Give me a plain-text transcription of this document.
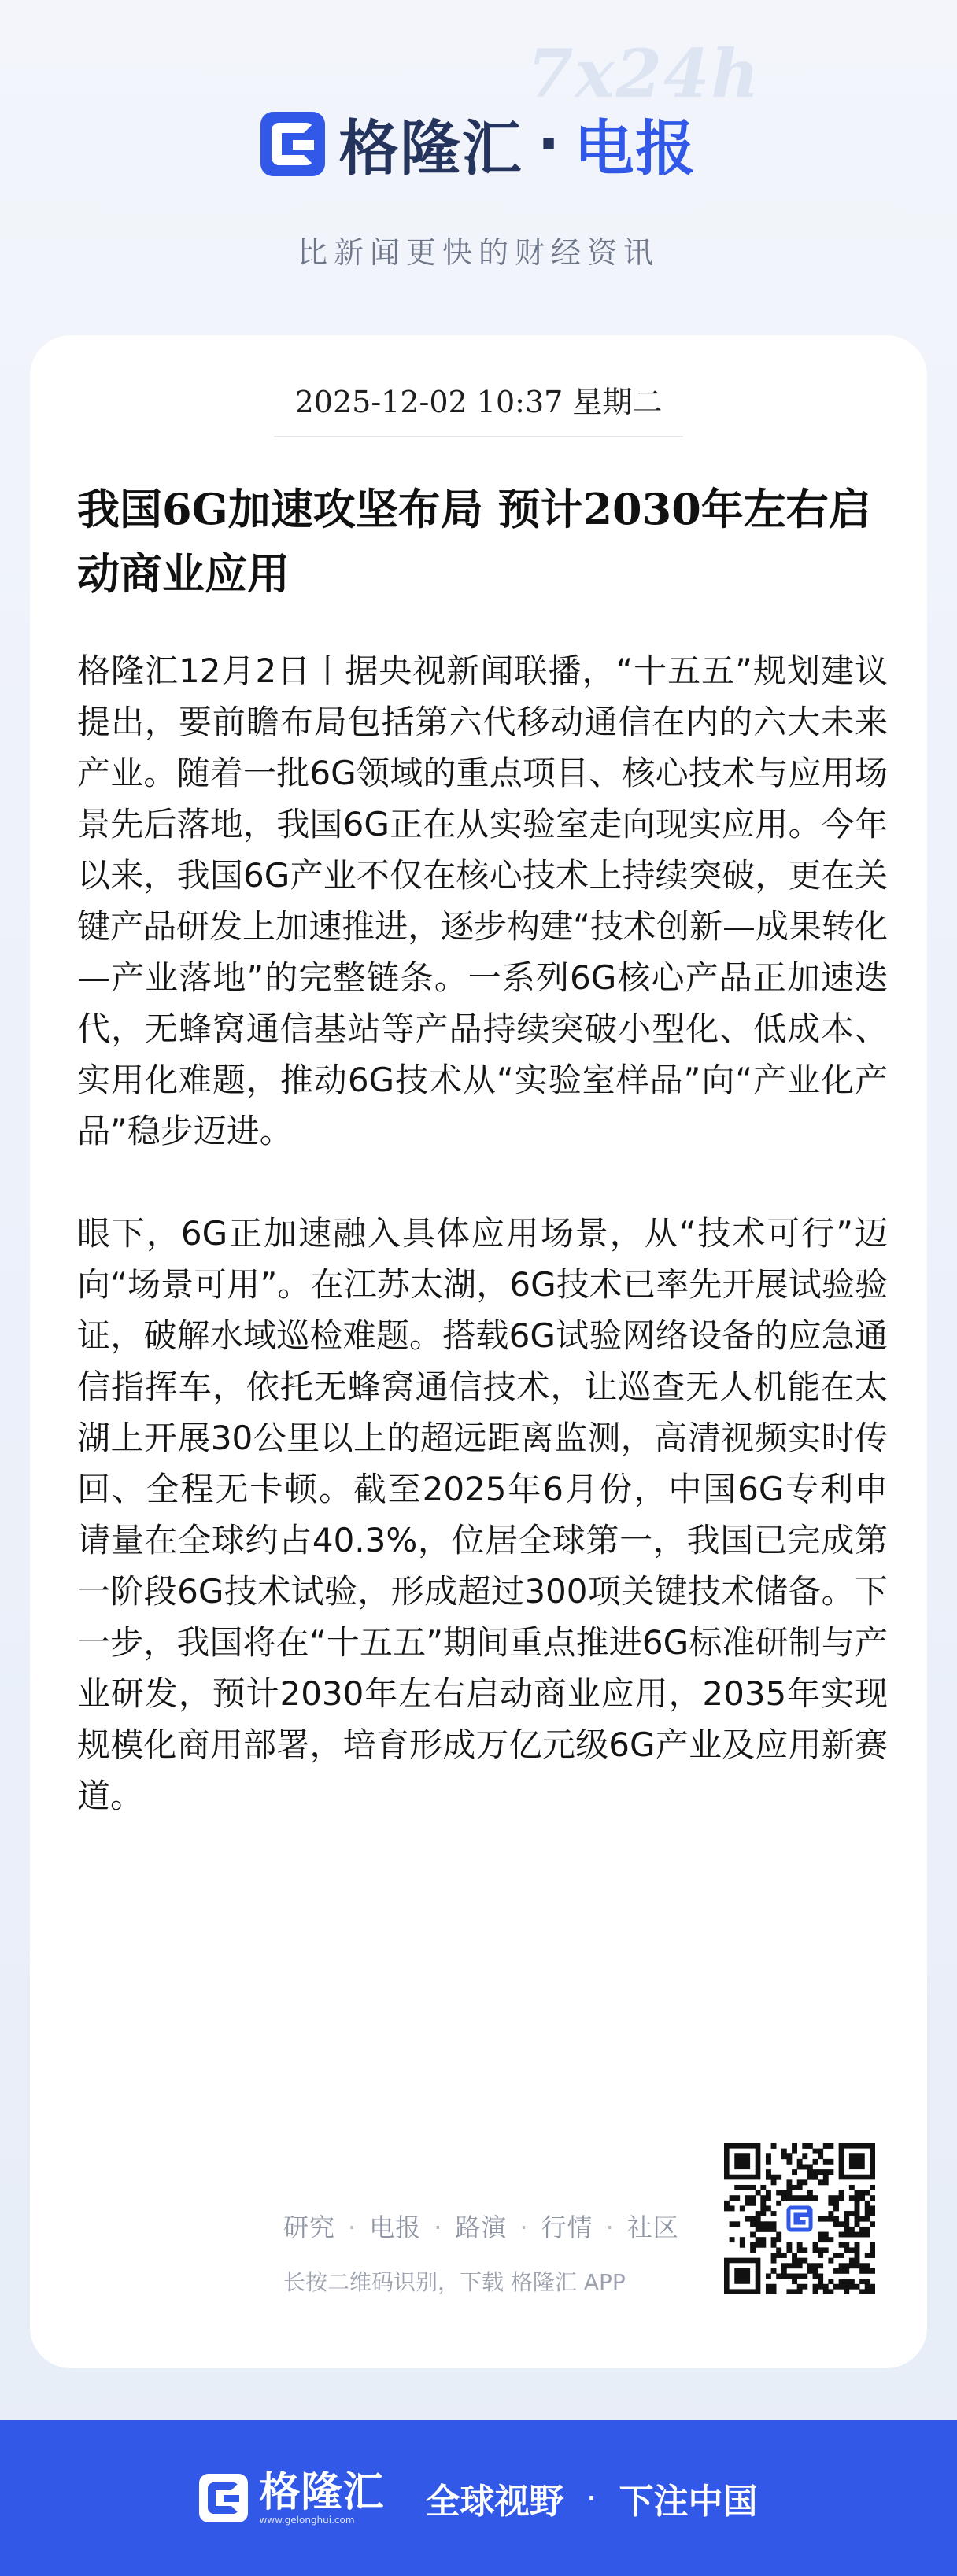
7x24h
格隆汇 · 电报
比新闻更快的财经资讯
2025-12-02 10:37 星期二
我国6G加速攻坚布局 预计2030年左右启动商业应用

格隆汇12月2日丨据央视新闻联播，“十五五”规划建议提出，要前瞻布局包括第六代移动通信在内的六大未来产业。随着一批6G领域的重点项目、核心技术与应用场景先后落地，我国6G正在从实验室走向现实应用。今年以来，我国6G产业不仅在核心技术上持续突破，更在关键产品研发上加速推进，逐步构建“技术创新—成果转化—产业落地”的完整链条。一系列6G核心产品正加速迭代，无蜂窝通信基站等产品持续突破小型化、低成本、实用化难题，推动6G技术从“实验室样品”向“产业化产品”稳步迈进。

眼下，6G正加速融入具体应用场景，从“技术可行”迈向“场景可用”。在江苏太湖，6G技术已率先开展试验验证，破解水域巡检难题。搭载6G试验网络设备的应急通信指挥车，依托无蜂窝通信技术，让巡查无人机能在太湖上开展30公里以上的超远距离监测，高清视频实时传回、全程无卡顿。截至2025年6月份，中国6G专利申请量在全球约占40.3%，位居全球第一，我国已完成第一阶段6G技术试验，形成超过300项关键技术储备。下一步，我国将在“十五五”期间重点推进6G标准研制与产业研发，预计2030年左右启动商业应用，2035年实现规模化商用部署，培育形成万亿元级6G产业及应用新赛道。

研究 · 电报 · 路演 · 行情 · 社区
长按二维码识别，下载 格隆汇 APP
格隆汇
www.gelonghui.com	全球视野 · 下注中国
